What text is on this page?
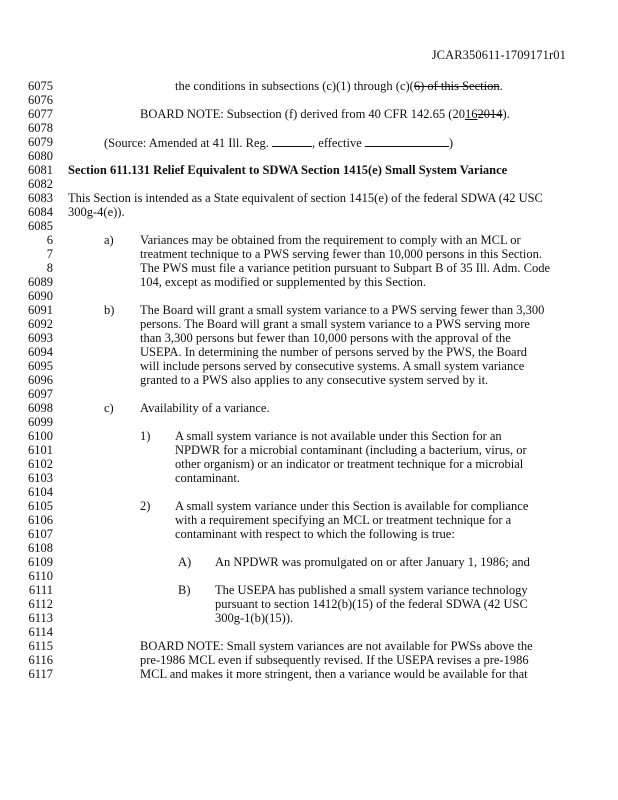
JCAR350611-1709171r01
6075	the conditions in subsections (c)(1) through (c)(6) of this Section.
6076
6077	BOARD NOTE: Subsection (f) derived from 40 CFR 142.65 (20162014).
6078
6079	(Source: Amended at 41 Ill. Reg.	, effective	)
6080
6081 Section 611.131 Relief Equivalent to SDWA Section 1415(e) Small System Variance
6082
6083 This Section is intended as a State equivalent of section 1415(e) of the federal SDWA (42 USC
6084 300g-4(e)).
6085
6	a) Variances may be obtained from the requirement to comply with an MCL or
7	treatment technique to a PWS serving fewer than 10,000 persons in this Section.
8	The PWS must file a variance petition pursuant to Subpart B of 35 Ill. Adm. Code
6089	104, except as modified or supplemented by this Section.
6090
6091	b) The Board will grant a small system variance to a PWS serving fewer than 3,300
6092	persons. The Board will grant a small system variance to a PWS serving more
6093	than 3,300 persons but fewer than 10,000 persons with the approval of the
6094	USEPA. In determining the number of persons served by the PWS, the Board
6095	will include persons served by consecutive systems. A small system variance
6096	granted to a PWS also applies to any consecutive system served by it.
6097
6098	c) Availability of a variance.
6099
6100	1) A small system variance is not available under this Section for an
6101	NPDWR for a microbial contaminant (including a bacterium, virus, or
6102	other organism) or an indicator or treatment technique for a microbial
6103	contaminant.
6104
6105	2) A small system variance under this Section is available for compliance
6106	with a requirement specifying an MCL or treatment technique for a
6107	contaminant with respect to which the following is true:
6108
6109	A) An NPDWR was promulgated on or after January 1, 1986; and
6110
6111	B) The USEPA has published a small system variance technology
6112	pursuant to section 1412(b)(15) of the federal SDWA (42 USC
6113	300g-1(b)(15)).
6114
6115	BOARD NOTE: Small system variances are not available for PWSs above the
6116	pre-1986 MCL even if subsequently revised. If the USEPA revises a pre-1986
6117	MCL and makes it more stringent, then a variance would be available for that
